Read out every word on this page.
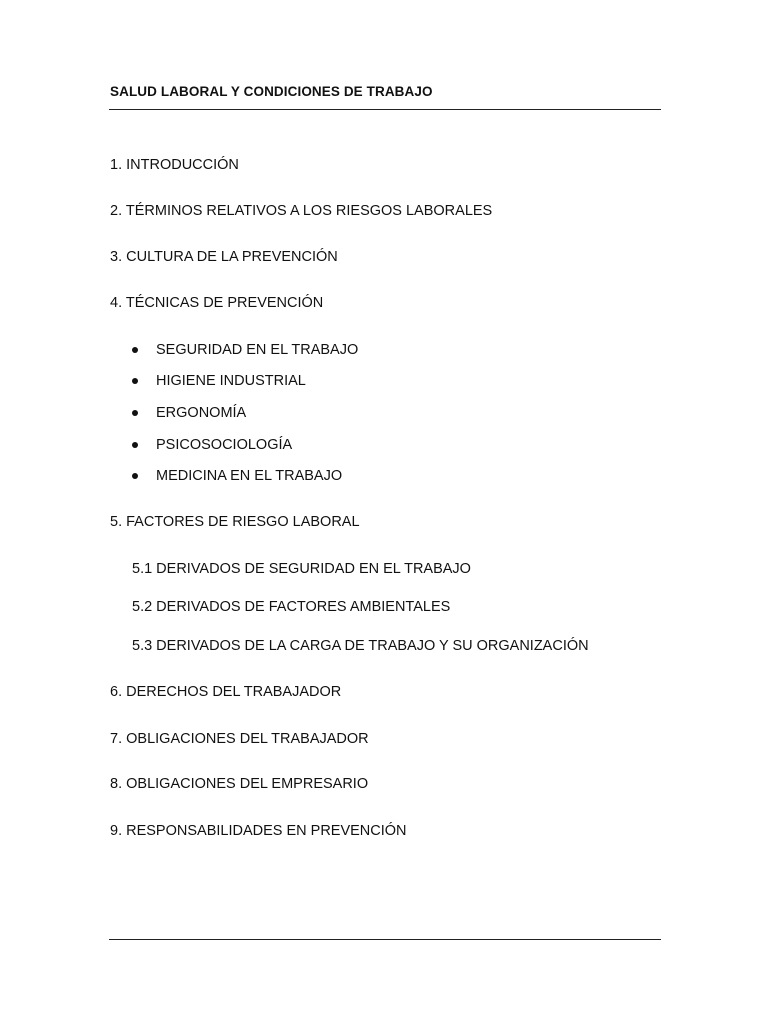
SALUD LABORAL Y CONDICIONES DE TRABAJO
1. INTRODUCCIÓN
2. TÉRMINOS RELATIVOS A LOS RIESGOS LABORALES
3. CULTURA DE LA PREVENCIÓN
4. TÉCNICAS DE PREVENCIÓN
SEGURIDAD EN EL TRABAJO
HIGIENE INDUSTRIAL
ERGONOMÍA
PSICOSOCIOLOGÍA
MEDICINA EN EL TRABAJO
5. FACTORES DE RIESGO LABORAL
5.1 DERIVADOS DE SEGURIDAD EN EL TRABAJO
5.2 DERIVADOS DE FACTORES AMBIENTALES
5.3 DERIVADOS DE LA CARGA DE TRABAJO Y SU ORGANIZACIÓN
6. DERECHOS DEL TRABAJADOR
7. OBLIGACIONES DEL TRABAJADOR
8. OBLIGACIONES DEL EMPRESARIO
9. RESPONSABILIDADES EN PREVENCIÓN
